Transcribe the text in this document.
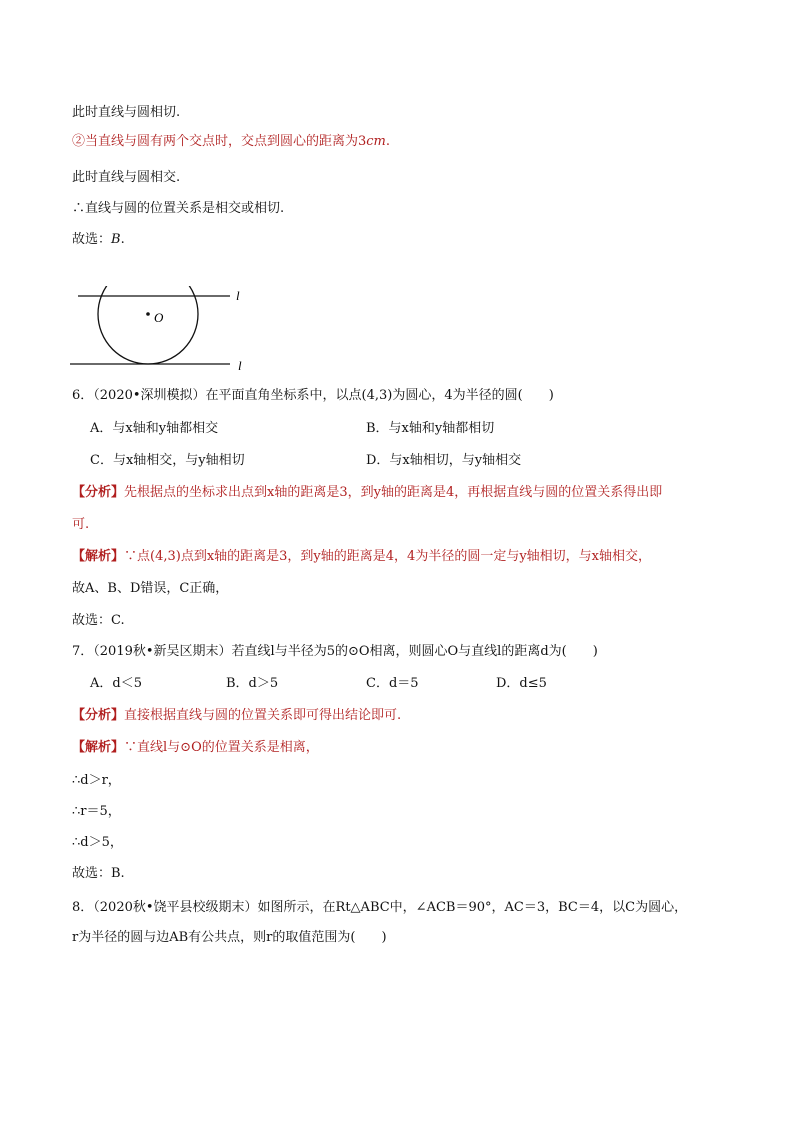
此时直线与圆相切.
②当直线与圆有两个交点时，交点到圆心的距离为3cm.
此时直线与圆相交.
∴直线与圆的位置关系是相交或相切.
故选：B.
O
l
l
6．（2020•深圳模拟）在平面直角坐标系中，以点(4,3)为圆心，4为半径的圆(　　)
A．与x轴和y轴都相交	B．与x轴和y轴都相切
C．与x轴相交，与y轴相切	D．与x轴相切，与y轴相交
【分析】先根据点的坐标求出点到x轴的距离是3，到y轴的距离是4，再根据直线与圆的位置关系得出即
可.
【解析】∵点(4,3)点到x轴的距离是3，到y轴的距离是4，4为半径的圆一定与y轴相切，与x轴相交，
故A、B、D错误，C正确，
故选：C.
7．（2019秋•新吴区期末）若直线l与半径为5的⊙O相离，则圆心O与直线l的距离d为(　　)
A．d＜5	B．d＞5	C．d＝5	D．d≤5
【分析】直接根据直线与圆的位置关系即可得出结论即可.
【解析】∵直线l与⊙O的位置关系是相离，
∴d＞r，
∴r＝5，
∴d＞5，
故选：B.
8．（2020秋•饶平县校级期末）如图所示，在Rt△ABC中，∠ACB＝90°，AC＝3，BC＝4，以C为圆心，
r为半径的圆与边AB有公共点，则r的取值范围为(　　)
